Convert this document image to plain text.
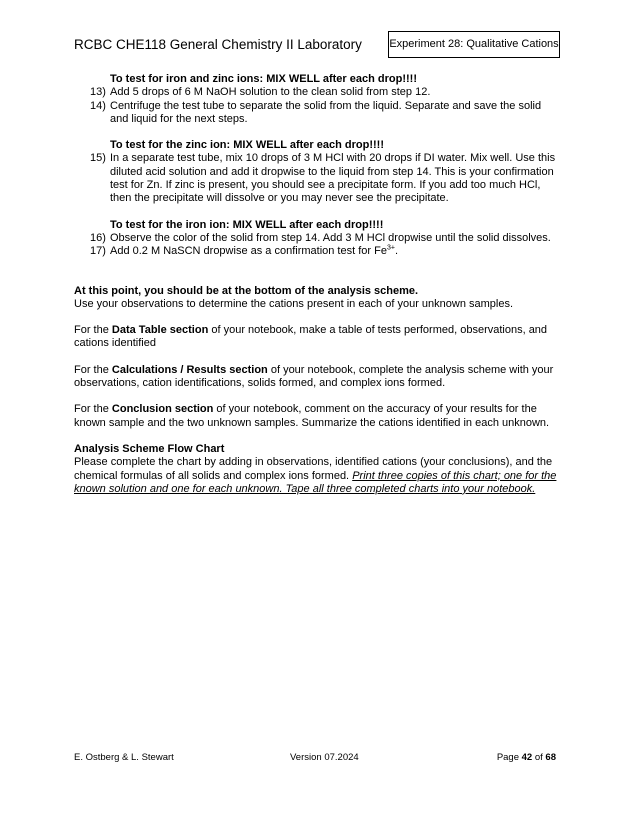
RCBC CHE118 General Chemistry II Laboratory Experiment 28: Qualitative Cations
To test for iron and zinc ions: MIX WELL after each drop!!!!
13) Add 5 drops of 6 M NaOH solution to the clean solid from step 12.
14) Centrifuge the test tube to separate the solid from the liquid. Separate and save the solid and liquid for the next steps.
To test for the zinc ion: MIX WELL after each drop!!!!
15) In a separate test tube, mix 10 drops of 3 M HCl with 20 drops if DI water. Mix well. Use this diluted acid solution and add it dropwise to the liquid from step 14. This is your confirmation test for Zn. If zinc is present, you should see a precipitate form. If you add too much HCl, then the precipitate will dissolve or you may never see the precipitate.
To test for the iron ion: MIX WELL after each drop!!!!
16) Observe the color of the solid from step 14. Add 3 M HCl dropwise until the solid dissolves.
17) Add 0.2 M NaSCN dropwise as a confirmation test for $Fe^{3+}$.

At this point, you should be at the bottom of the analysis scheme.
Use your observations to determine the cations present in each of your unknown samples.

For the Data Table section of your notebook, make a table of tests performed, observations, and cations identified

For the Calculations / Results section of your notebook, complete the analysis scheme with your observations, cation identifications, solids formed, and complex ions formed.

For the Conclusion section of your notebook, comment on the accuracy of your results for the known sample and the two unknown samples. Summarize the cations identified in each unknown.

Analysis Scheme Flow Chart
Please complete the chart by adding in observations, identified cations (your conclusions), and the chemical formulas of all solids and complex ions formed. Print three copies of this chart; one for the known solution and one for each unknown. Tape all three completed charts into your notebook.

E. Ostberg & L. Stewart	Version 07.2024	Page 42 of 68
